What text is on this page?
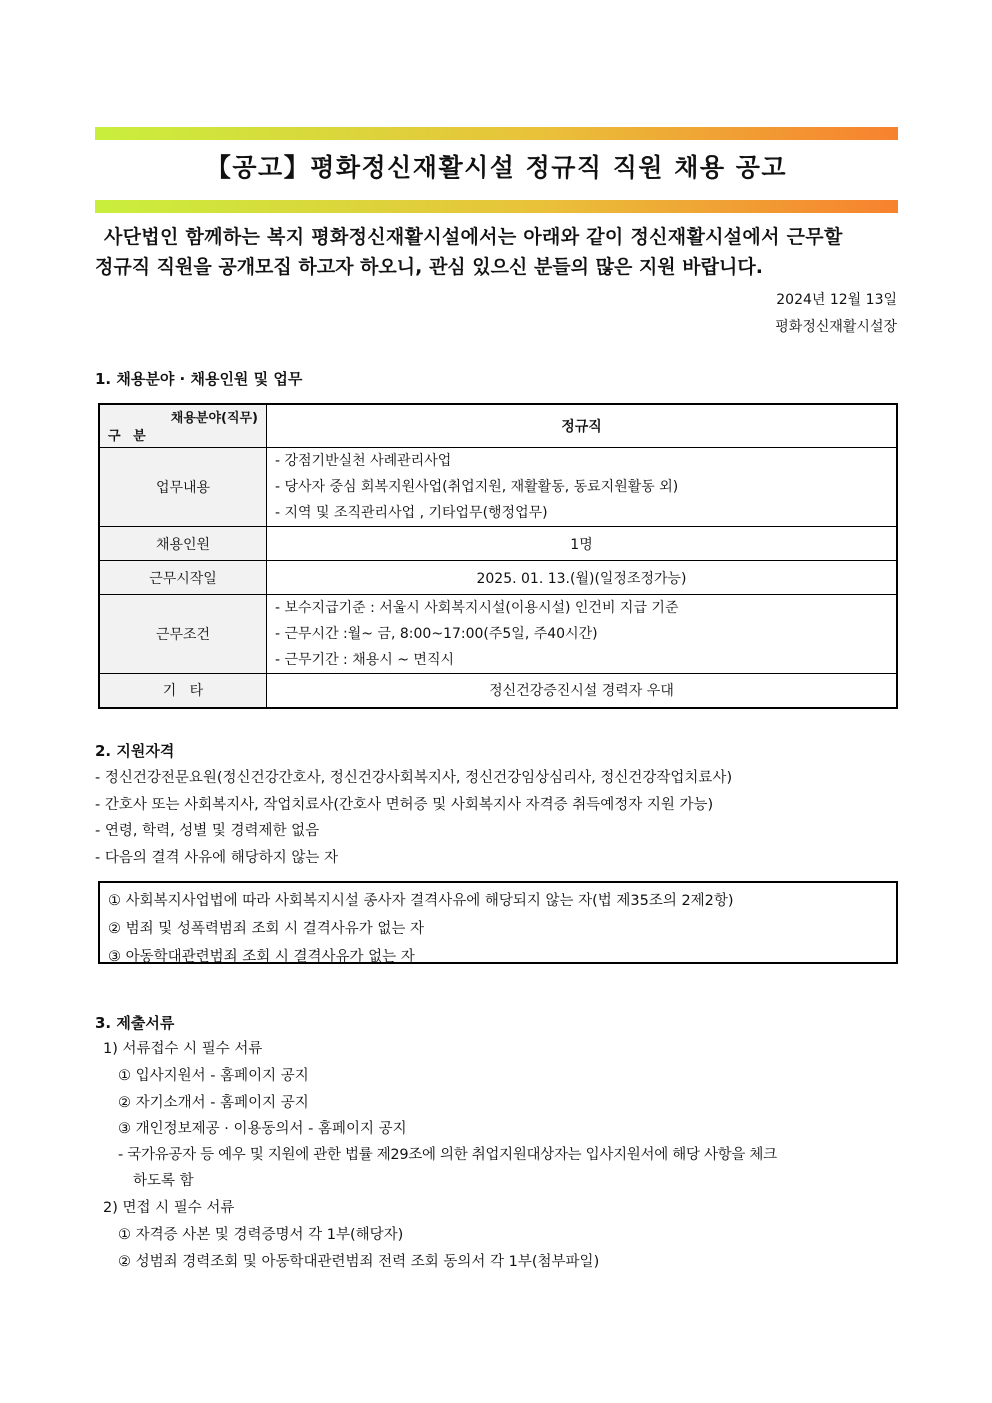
【공고】평화정신재활시설 정규직 직원 채용 공고

사단법인 함께하는 복지 평화정신재활시설에서는 아래와 같이 정신재활시설에서 근무할

정규직 직원을 공개모집 하고자 하오니, 관심 있으신 분들의 많은 지원 바랍니다.

2024년 12월 13일
평화정신재활시설장
1. 채용분야 · 채용인원 및 업무
채용분야(직무)
구 분	정규직
업무내용	- 강점기반실천 사례관리사업
- 당사자 중심 회복지원사업(취업지원, 재활활동, 동료지원활동 외)
- 지역 및 조직관리사업 , 기타업무(행정업무)

채용인원	1명
근무시작일	2025. 01. 13.(월)(일정조정가능)
근무조건	- 보수지급기준 : 서울시 사회복지시설(이용시설) 인건비 지급 기준
- 근무시간 :월~ 금, 8:00~17:00(주5일, 주40시간)
- 근무기간 : 채용시 ~ 면직시

기   타	정신건강증진시설 경력자 우대
2. 지원자격
- 정신건강전문요원(정신건강간호사, 정신건강사회복지사, 정신건강임상심리사, 정신건강작업치료사)
- 간호사 또는 사회복지사, 작업치료사(간호사 면허증 및 사회복지사 자격증 취득예정자 지원 가능)
- 연령, 학력, 성별 및 경력제한 없음
- 다음의 결격 사유에 해당하지 않는 자
① 사회복지사업법에 따라 사회복지시설 종사자 결격사유에 해당되지 않는 자(법 제35조의 2제2항)
② 범죄 및 성폭력범죄 조회 시 결격사유가 없는 자
③ 아동학대관련범죄 조회 시 결격사유가 없는 자
3. 제출서류
1) 서류접수 시 필수 서류
① 입사지원서 - 홈페이지 공지
② 자기소개서 - 홈페이지 공지
③ 개인정보제공 · 이용동의서 - 홈페이지 공지
- 국가유공자 등 예우 및 지원에 관한 법률 제29조에 의한 취업지원대상자는 입사지원서에 해당 사항을 체크
하도록 함
2) 면접 시 필수 서류
① 자격증 사본 및 경력증명서 각 1부(해당자)
② 성범죄 경력조회 및 아동학대관련범죄 전력 조회 동의서 각 1부(첨부파일)
